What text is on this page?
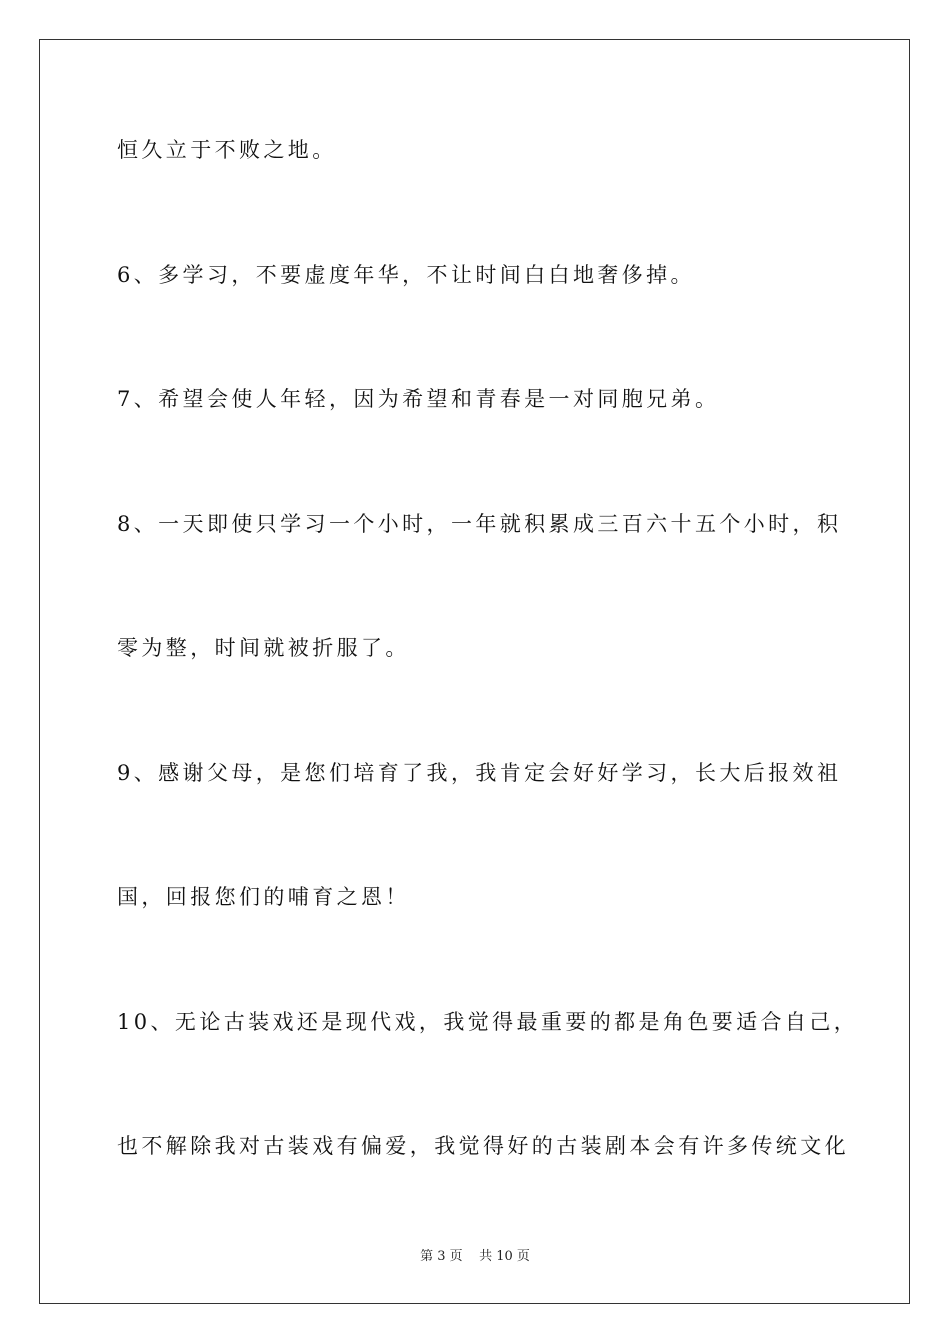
恒久立于不败之地。
6、多学习，不要虚度年华，不让时间白白地奢侈掉。
7、希望会使人年轻，因为希望和青春是一对同胞兄弟。
8、一天即使只学习一个小时，一年就积累成三百六十五个小时，积
零为整，时间就被折服了。
9、感谢父母，是您们培育了我，我肯定会好好学习，长大后报效祖
国，回报您们的哺育之恩！
10、无论古装戏还是现代戏，我觉得最重要的都是角色要适合自己，
也不解除我对古装戏有偏爱，我觉得好的古装剧本会有许多传统文化
第 3 页    共 10 页
